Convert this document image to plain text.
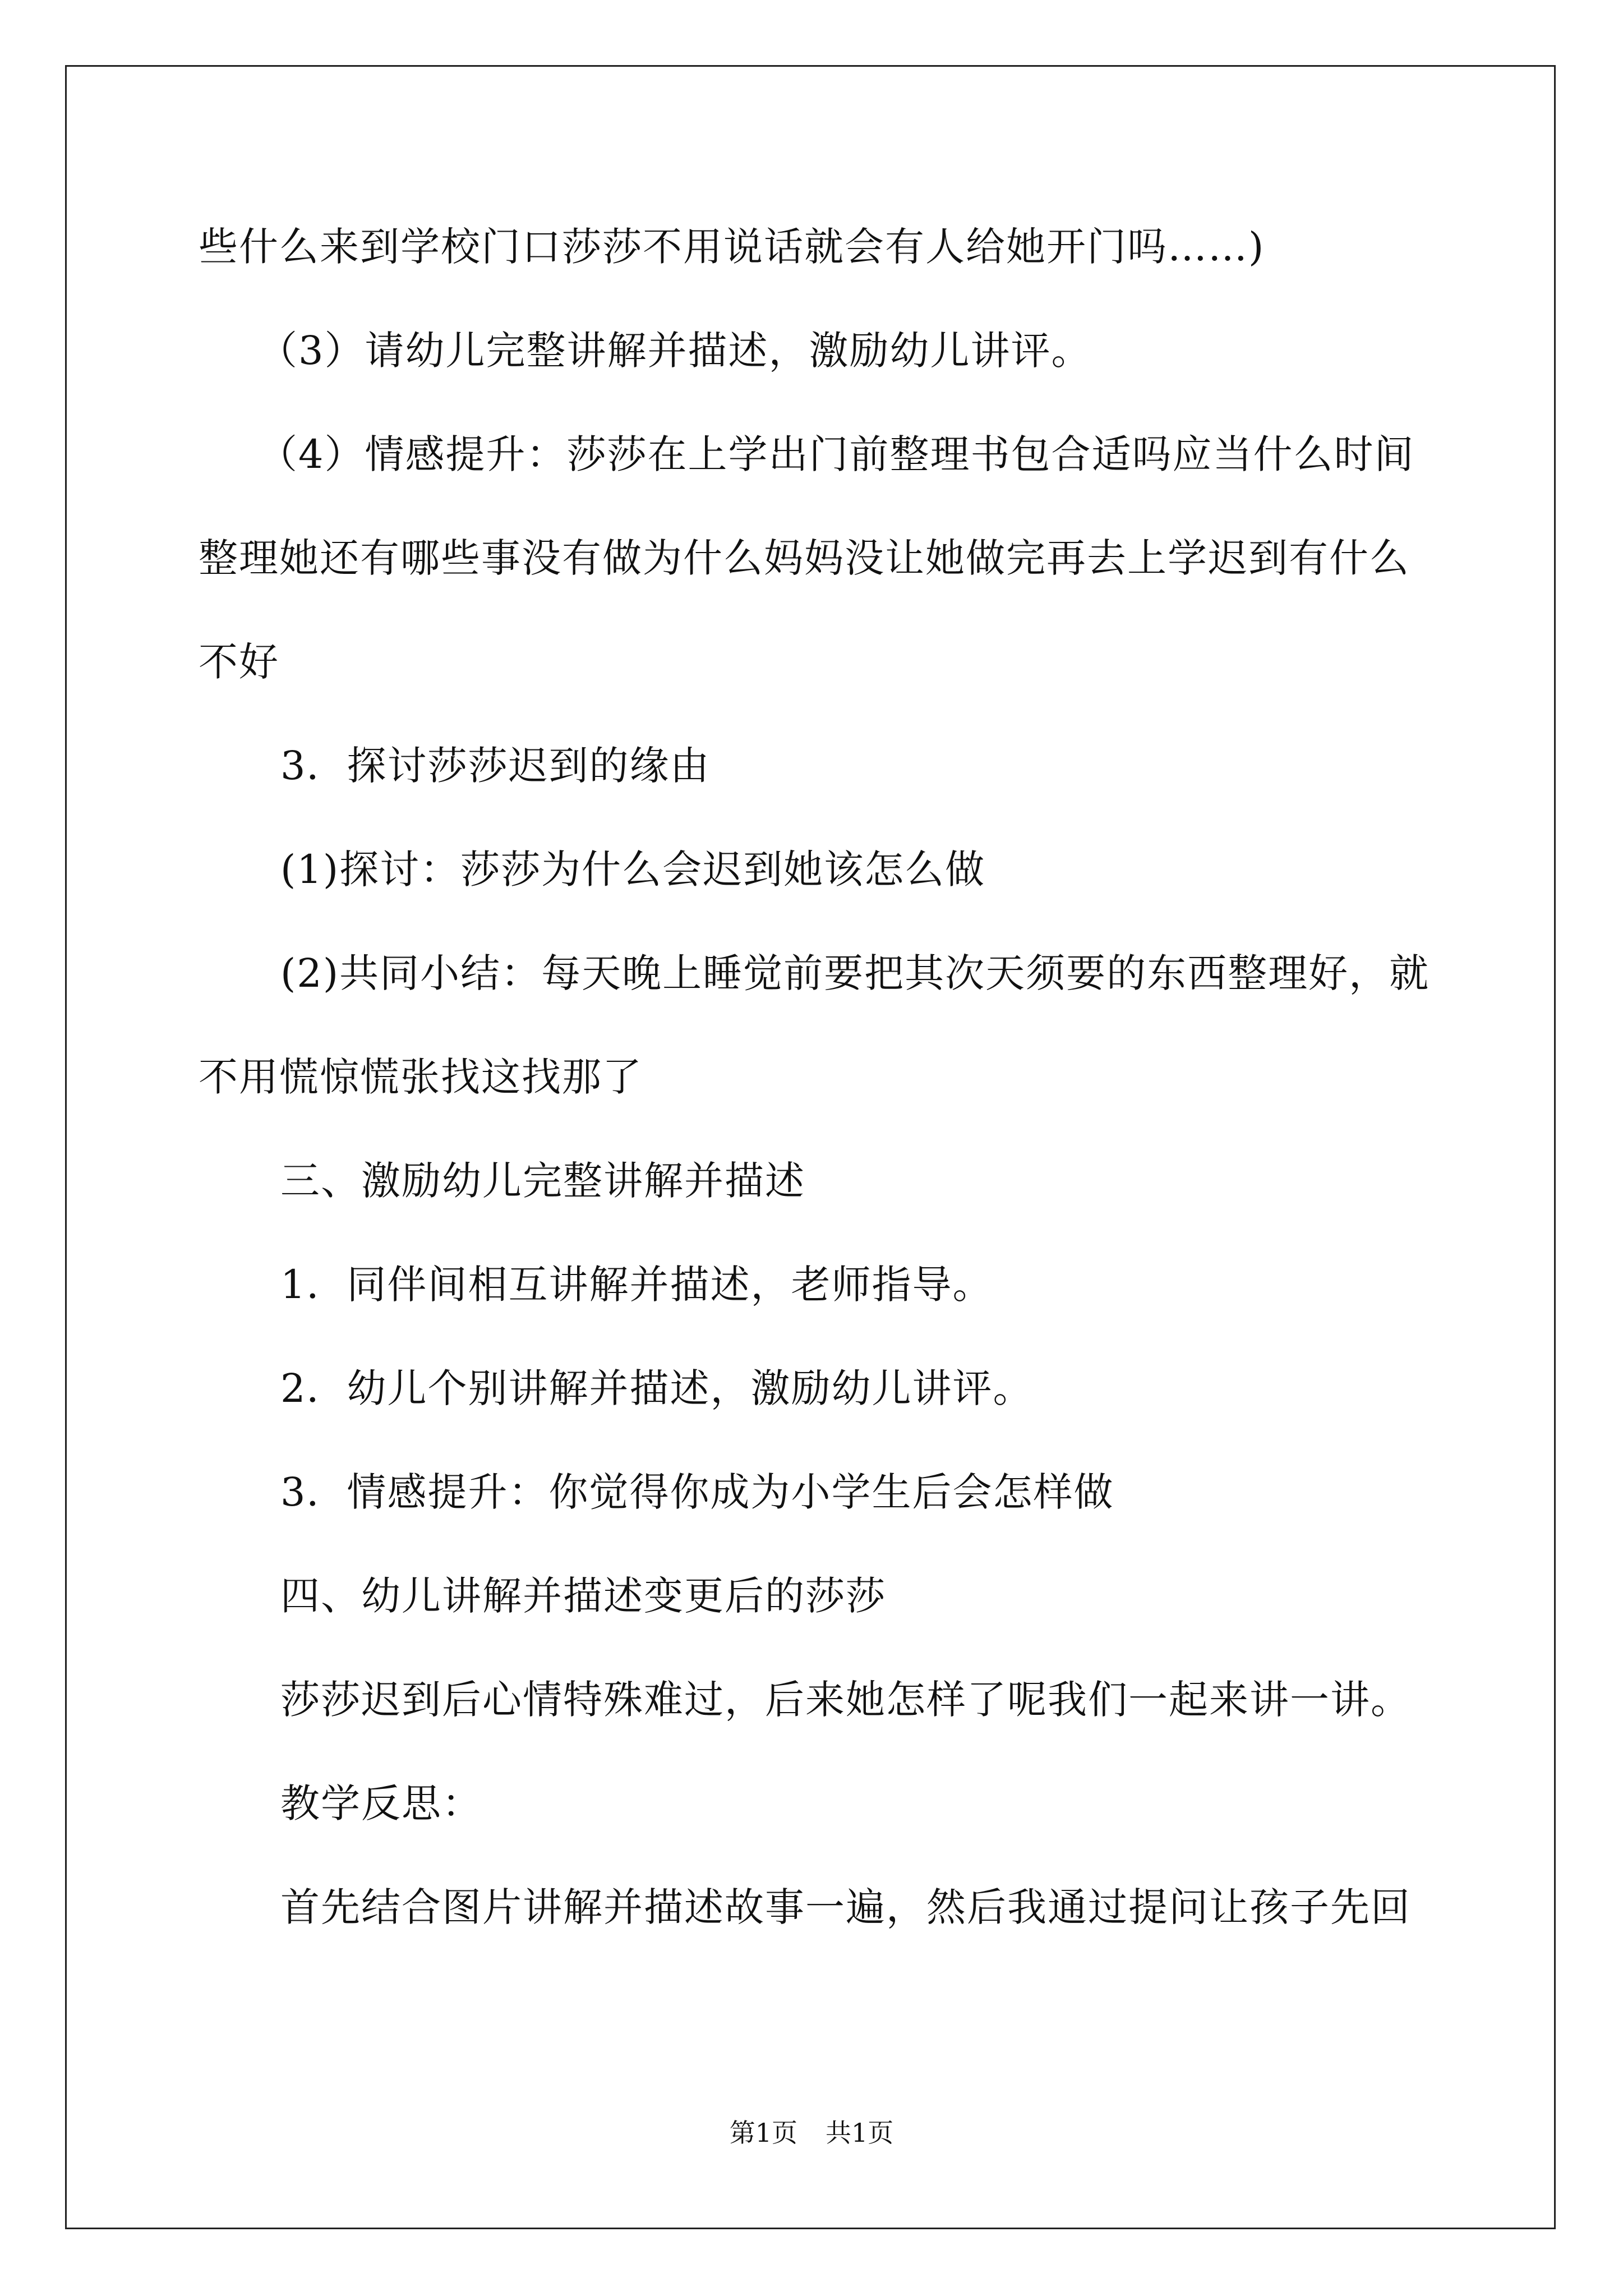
些什么来到学校门口莎莎不用说话就会有人给她开门吗……)
（3）请幼儿完整讲解并描述，激励幼儿讲评。
（4）情感提升：莎莎在上学出门前整理书包合适吗应当什么时间
整理她还有哪些事没有做为什么妈妈没让她做完再去上学迟到有什么
不好
3．探讨莎莎迟到的缘由
(1)探讨：莎莎为什么会迟到她该怎么做
(2)共同小结：每天晚上睡觉前要把其次天须要的东西整理好，就
不用慌惊慌张找这找那了
三、激励幼儿完整讲解并描述
1．同伴间相互讲解并描述，老师指导。
2．幼儿个别讲解并描述，激励幼儿讲评。
3．情感提升：你觉得你成为小学生后会怎样做
四、幼儿讲解并描述变更后的莎莎
莎莎迟到后心情特殊难过，后来她怎样了呢我们一起来讲一讲。
教学反思：
首先结合图片讲解并描述故事一遍，然后我通过提问让孩子先回
第1页 共1页
